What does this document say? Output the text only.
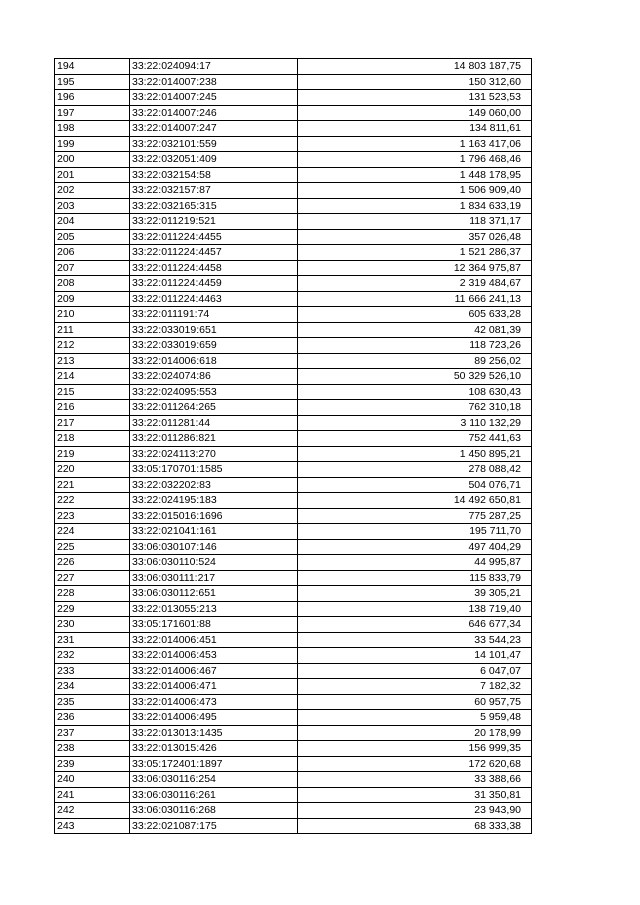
194	33:22:024094:17	14 803 187,75
195	33:22:014007:238	150 312,60
196	33:22:014007:245	131 523,53
197	33:22:014007:246	149 060,00
198	33:22:014007:247	134 811,61
199	33:22:032101:559	1 163 417,06
200	33:22:032051:409	1 796 468,46
201	33:22:032154:58	1 448 178,95
202	33:22:032157:87	1 506 909,40
203	33:22:032165:315	1 834 633,19
204	33:22:011219:521	118 371,17
205	33:22:011224:4455	357 026,48
206	33:22:011224:4457	1 521 286,37
207	33:22:011224:4458	12 364 975,87
208	33:22:011224:4459	2 319 484,67
209	33:22:011224:4463	11 666 241,13
210	33:22:011191:74	605 633,28
211	33:22:033019:651	42 081,39
212	33:22:033019:659	118 723,26
213	33:22:014006:618	89 256,02
214	33:22:024074:86	50 329 526,10
215	33:22:024095:553	108 630,43
216	33:22:011264:265	762 310,18
217	33:22:011281:44	3 110 132,29
218	33:22:011286:821	752 441,63
219	33:22:024113:270	1 450 895,21
220	33:05:170701:1585	278 088,42
221	33:22:032202:83	504 076,71
222	33:22:024195:183	14 492 650,81
223	33:22:015016:1696	775 287,25
224	33:22:021041:161	195 711,70
225	33:06:030107:146	497 404,29
226	33:06:030110:524	44 995,87
227	33:06:030111:217	115 833,79
228	33:06:030112:651	39 305,21
229	33:22:013055:213	138 719,40
230	33:05:171601:88	646 677,34
231	33:22:014006:451	33 544,23
232	33:22:014006:453	14 101,47
233	33:22:014006:467	6 047,07
234	33:22:014006:471	7 182,32
235	33:22:014006:473	60 957,75
236	33:22:014006:495	5 959,48
237	33:22:013013:1435	20 178,99
238	33:22:013015:426	156 999,35
239	33:05:172401:1897	172 620,68
240	33:06:030116:254	33 388,66
241	33:06:030116:261	31 350,81
242	33:06:030116:268	23 943,90
243	33:22:021087:175	68 333,38
